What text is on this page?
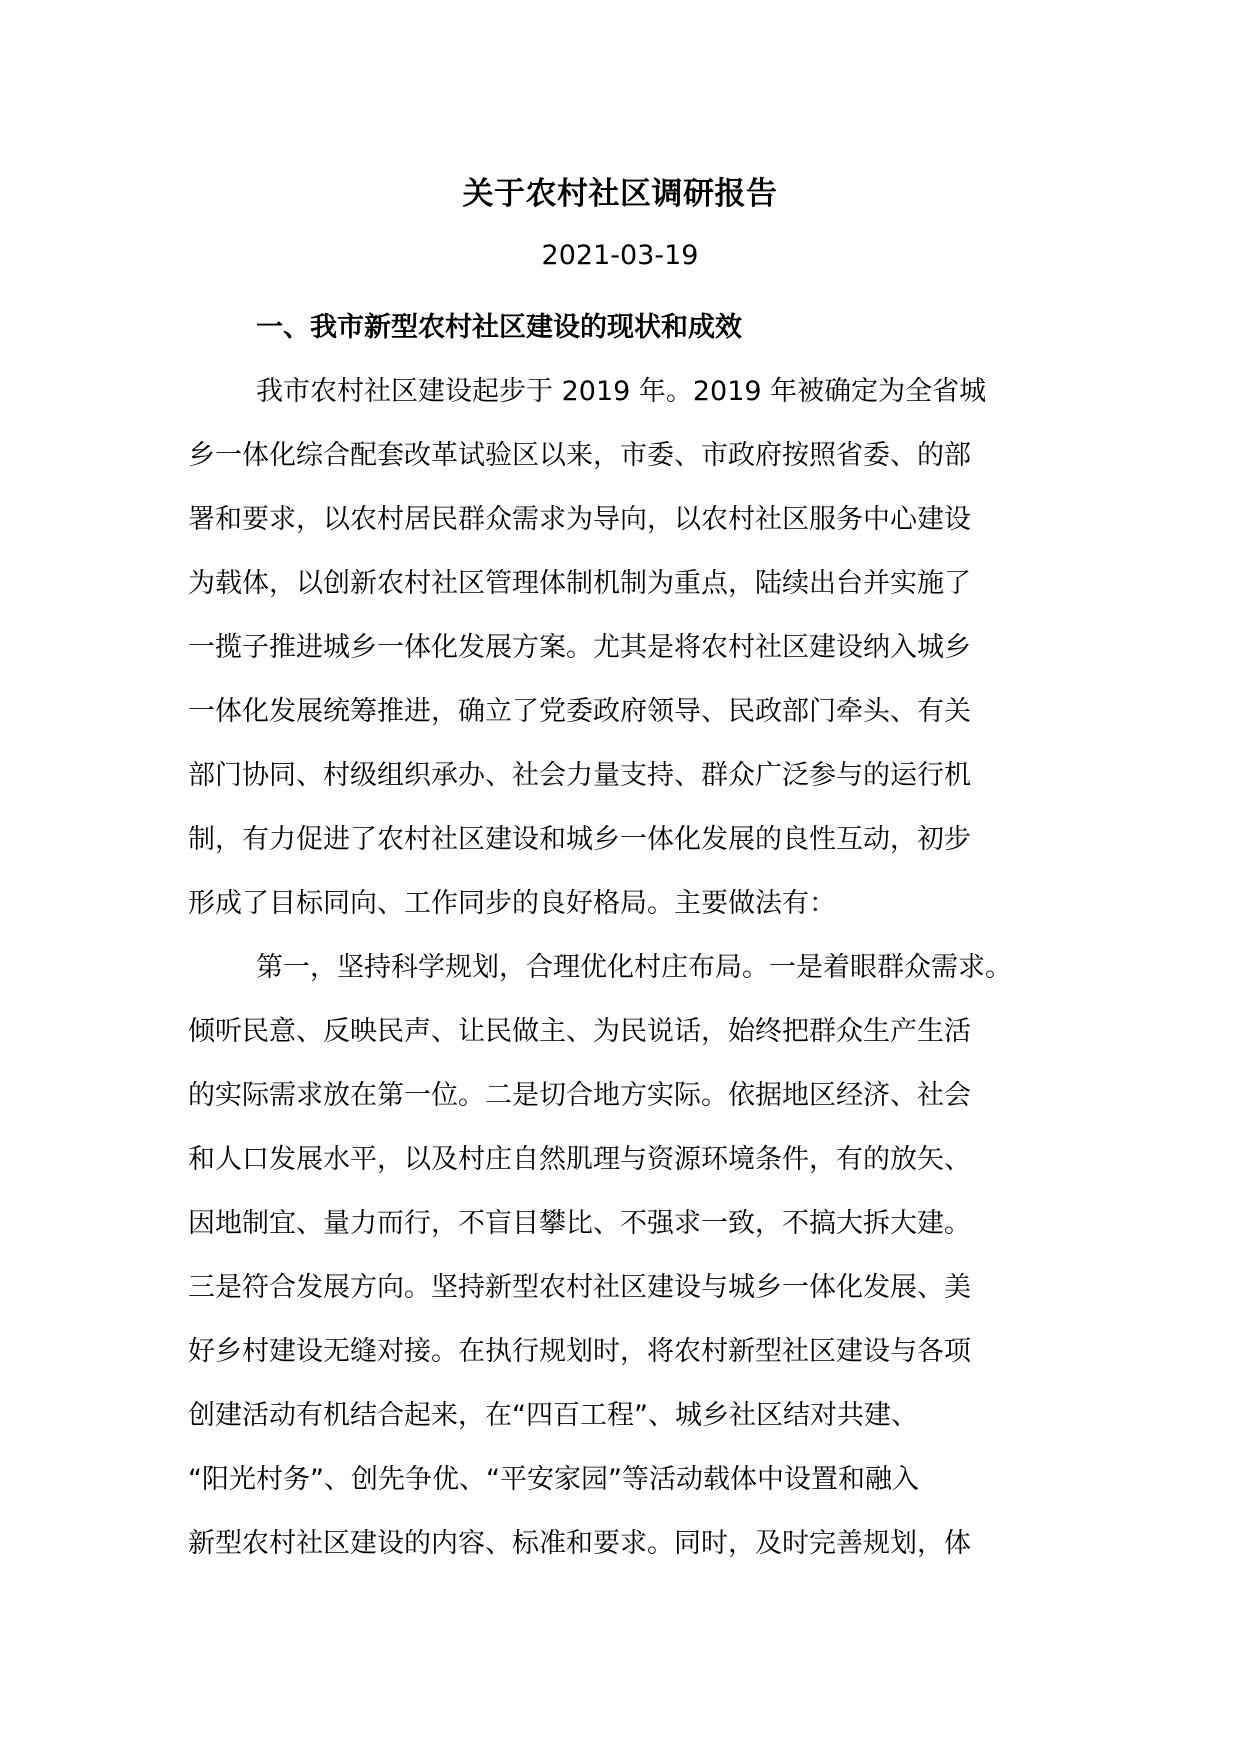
关于农村社区调研报告
2021-03-19
一、我市新型农村社区建设的现状和成效
我市农村社区建设起步于 2019 年。2019 年被确定为全省城
乡一体化综合配套改革试验区以来，市委、市政府按照省委、的部
署和要求，以农村居民群众需求为导向，以农村社区服务中心建设
为载体，以创新农村社区管理体制机制为重点，陆续出台并实施了
一揽子推进城乡一体化发展方案。尤其是将农村社区建设纳入城乡
一体化发展统筹推进，确立了党委政府领导、民政部门牵头、有关
部门协同、村级组织承办、社会力量支持、群众广泛参与的运行机
制，有力促进了农村社区建设和城乡一体化发展的良性互动，初步
形成了目标同向、工作同步的良好格局。主要做法有：
第一，坚持科学规划，合理优化村庄布局。一是着眼群众需求。
倾听民意、反映民声、让民做主、为民说话，始终把群众生产生活
的实际需求放在第一位。二是切合地方实际。依据地区经济、社会
和人口发展水平，以及村庄自然肌理与资源环境条件，有的放矢、
因地制宜、量力而行，不盲目攀比、不强求一致，不搞大拆大建。
三是符合发展方向。坚持新型农村社区建设与城乡一体化发展、美
好乡村建设无缝对接。在执行规划时，将农村新型社区建设与各项
创建活动有机结合起来，在“四百工程”、城乡社区结对共建、
“阳光村务”、创先争优、“平安家园”等活动载体中设置和融入
新型农村社区建设的内容、标准和要求。同时，及时完善规划，体
